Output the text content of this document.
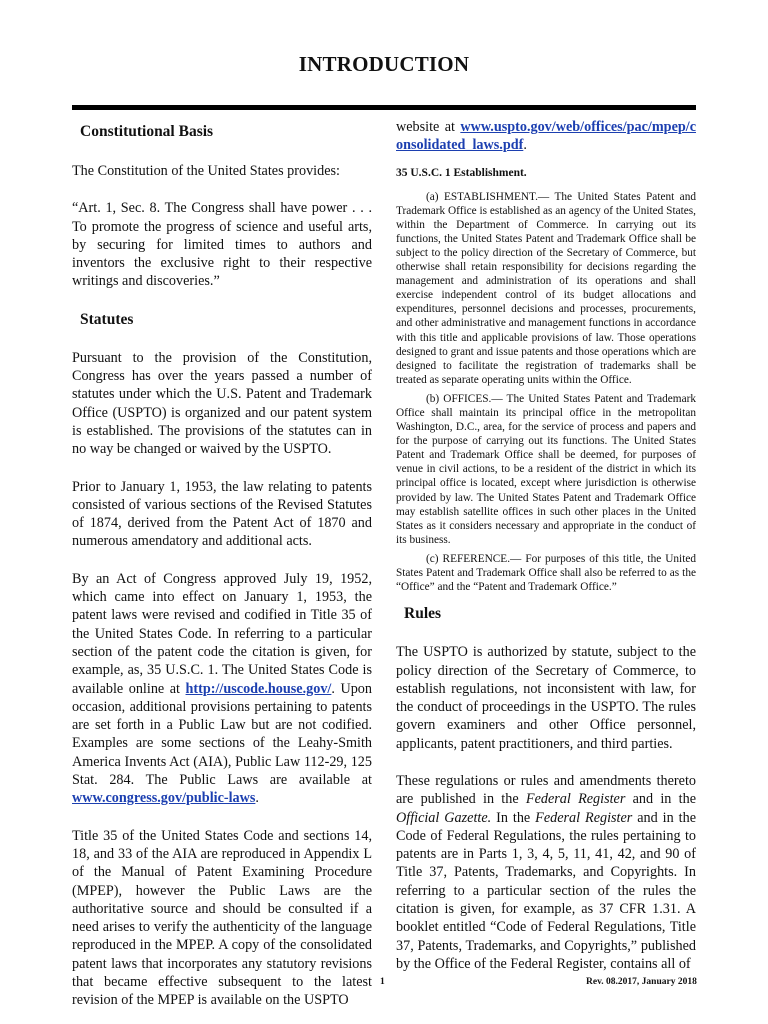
INTRODUCTION
Constitutional Basis

The Constitution of the United States provides:

“Art. 1, Sec. 8. The Congress shall have power . . . To promote the progress of science and useful arts, by securing for limited times to authors and inventors the exclusive right to their respective writings and discoveries.”

Statutes

Pursuant to the provision of the Constitution, Congress has over the years passed a number of statutes under which the U.S. Patent and Trademark Office (USPTO) is organized and our patent system is established. The provisions of the statutes can in no way be changed or waived by the USPTO.

Prior to January 1, 1953, the law relating to patents consisted of various sections of the Revised Statutes of 1874, derived from the Patent Act of 1870 and numerous amendatory and additional acts.

By an Act of Congress approved July 19, 1952, which came into effect on January 1, 1953, the patent laws were revised and codified in Title 35 of the United States Code. In referring to a particular section of the patent code the citation is given, for example, as, 35 U.S.C. 1. The United States Code is available online at http://uscode.house.gov/. Upon occasion, additional provisions pertaining to patents are set forth in a Public Law but are not codified. Examples are some sections of the Leahy-Smith America Invents Act (AIA), Public Law 112-29, 125 Stat. 284. The Public Laws are available at www.congress.gov/public-laws.

Title 35 of the United States Code and sections 14, 18, and 33 of the AIA are reproduced in Appendix L of the Manual of Patent Examining Procedure (MPEP), however the Public Laws are the authoritative source and should be consulted if a need arises to verify the authenticity of the language reproduced in the MPEP. A copy of the consolidated patent laws that incorporates any statutory revisions that became effective subsequent to the latest revision of the MPEP is available on the USPTO

website at www.uspto.gov/web/offices/pac/mpep/consolidated_laws.pdf.

35 U.S.C. 1 Establishment.

(a) ESTABLISHMENT.— The United States Patent and Trademark Office is established as an agency of the United States, within the Department of Commerce. In carrying out its functions, the United States Patent and Trademark Office shall be subject to the policy direction of the Secretary of Commerce, but otherwise shall retain responsibility for decisions regarding the management and administration of its operations and shall exercise independent control of its budget allocations and expenditures, personnel decisions and processes, procurements, and other administrative and management functions in accordance with this title and applicable provisions of law. Those operations designed to grant and issue patents and those operations which are designed to facilitate the registration of trademarks shall be treated as separate operating units within the Office.

(b) OFFICES.— The United States Patent and Trademark Office shall maintain its principal office in the metropolitan Washington, D.C., area, for the service of process and papers and for the purpose of carrying out its functions. The United States Patent and Trademark Office shall be deemed, for purposes of venue in civil actions, to be a resident of the district in which its principal office is located, except where jurisdiction is otherwise provided by law. The United States Patent and Trademark Office may establish satellite offices in such other places in the United States as it considers necessary and appropriate in the conduct of its business.

(c) REFERENCE.— For purposes of this title, the United States Patent and Trademark Office shall also be referred to as the “Office” and the “Patent and Trademark Office.”

Rules

The USPTO is authorized by statute, subject to the policy direction of the Secretary of Commerce, to establish regulations, not inconsistent with law, for the conduct of proceedings in the USPTO. The rules govern examiners and other Office personnel, applicants, patent practitioners, and third parties.

These regulations or rules and amendments thereto are published in the Federal Register and in the Official Gazette. In the Federal Register and in the Code of Federal Regulations, the rules pertaining to patents are in Parts 1, 3, 4, 5, 11, 41, 42, and 90 of Title 37, Patents, Trademarks, and Copyrights. In referring to a particular section of the rules the citation is given, for example, as 37 CFR 1.31. A booklet entitled “Code of Federal Regulations, Title 37, Patents, Trademarks, and Copyrights,” published by the Office of the Federal Register, contains all of

1	Rev. 08.2017, January 2018
